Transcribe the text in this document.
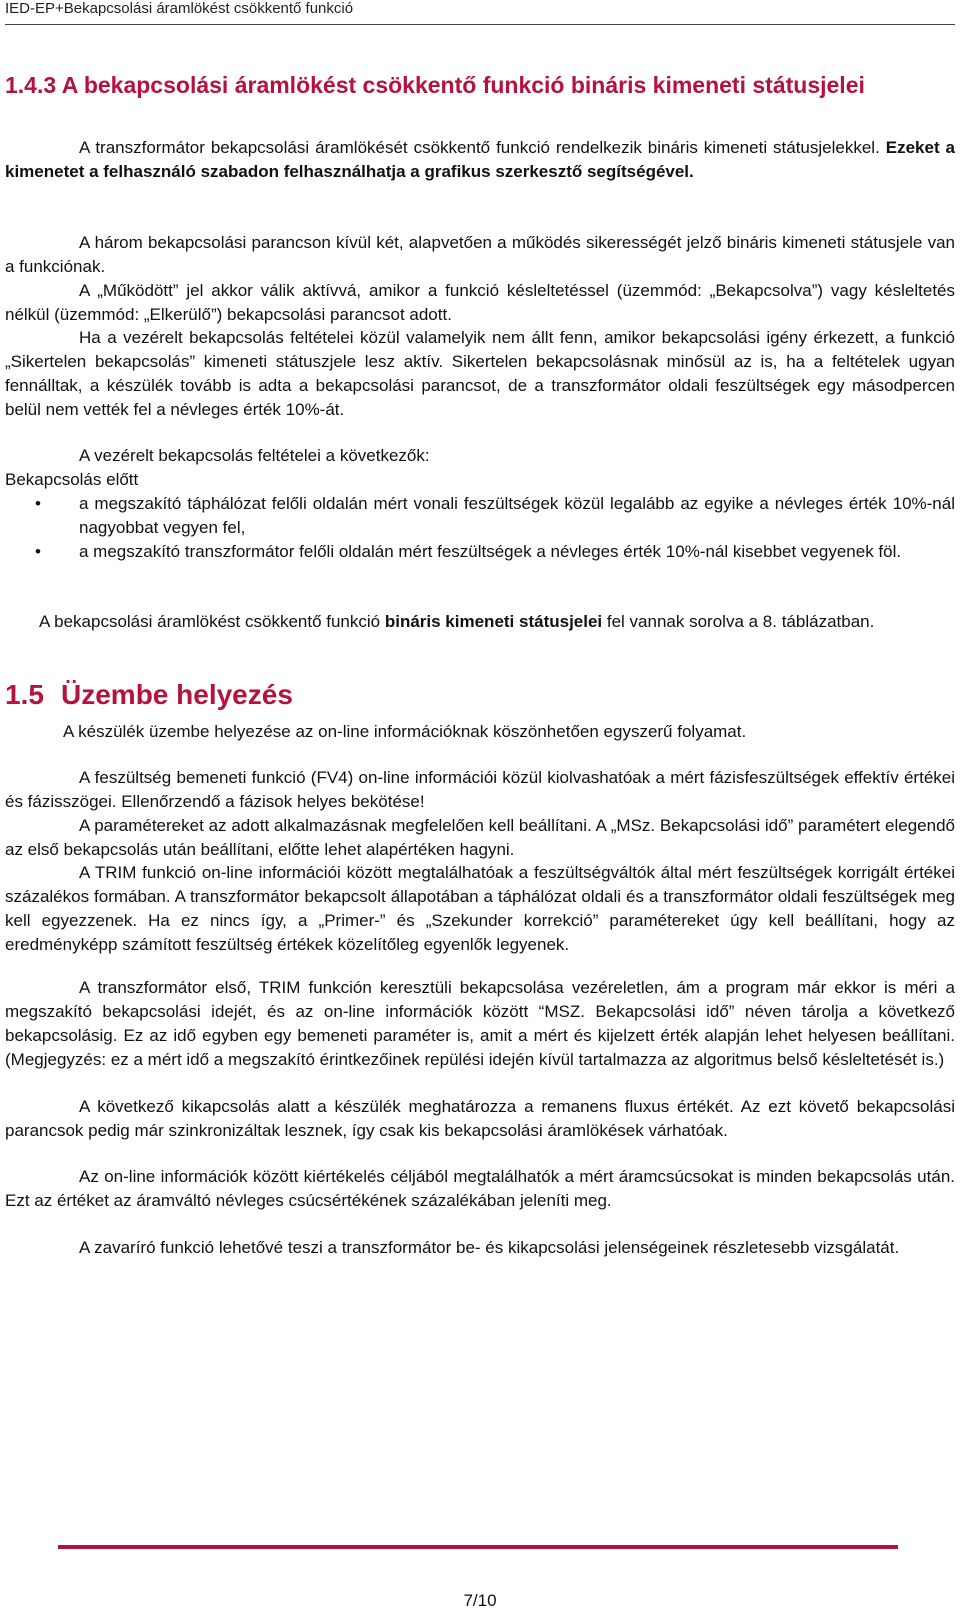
IED-EP+Bekapcsolási áramlökést csökkentő funkció
1.4.3 A bekapcsolási áramlökést csökkentő funkció bináris kimeneti státusjelei

A transzformátor bekapcsolási áramlökését csökkentő funkció rendelkezik bináris kimeneti státusjelekkel. Ezeket a kimenetet a felhasználó szabadon felhasználhatja a grafikus szerkesztő segítségével.

A három bekapcsolási parancson kívül két, alapvetően a működés sikerességét jelző bináris kimeneti státusjele van a funkciónak.

A „Működött” jel akkor válik aktívvá, amikor a funkció késleltetéssel (üzemmód: „Bekapcsolva”) vagy késleltetés nélkül (üzemmód: „Elkerülő”) bekapcsolási parancsot adott.

Ha a vezérelt bekapcsolás feltételei közül valamelyik nem állt fenn, amikor bekapcsolási igény érkezett, a funkció „Sikertelen bekapcsolás” kimeneti státuszjele lesz aktív. Sikertelen bekapcsolásnak minősül az is, ha a feltételek ugyan fennálltak, a készülék tovább is adta a bekapcsolási parancsot, de a transzformátor oldali feszültségek egy másodpercen belül nem vették fel a névleges érték 10%-át.

A vezérelt bekapcsolás feltételei a következők:

Bekapcsolás előtt

• a megszakító táphálózat felőli oldalán mért vonali feszültségek közül legalább az egyike a névleges érték 10%-nál nagyobbat vegyen fel,
• a megszakító transzformátor felőli oldalán mért feszültségek a névleges érték 10%-nál kisebbet vegyenek föl.

A bekapcsolási áramlökést csökkentő funkció bináris kimeneti státusjelei fel vannak sorolva a 8. táblázatban.

1.5 Üzembe helyezés

A készülék üzembe helyezése az on-line információknak köszönhetően egyszerű folyamat.

A feszültség bemeneti funkció (FV4) on-line információi közül kiolvashatóak a mért fázisfeszültségek effektív értékei és fázisszögei. Ellenőrzendő a fázisok helyes bekötése!

A paramétereket az adott alkalmazásnak megfelelően kell beállítani. A „MSz. Bekapcsolási idő” paramétert elegendő az első bekapcsolás után beállítani, előtte lehet alapértéken hagyni.

A TRIM funkció on-line információi között megtalálhatóak a feszültségváltók által mért feszültségek korrigált értékei százalékos formában. A transzformátor bekapcsolt állapotában a táphálózat oldali és a transzformátor oldali feszültségek meg kell egyezzenek. Ha ez nincs így, a „Primer-” és „Szekunder korrekció” paramétereket úgy kell beállítani, hogy az eredményképp számított feszültség értékek közelítőleg egyenlők legyenek.

A transzformátor első, TRIM funkción keresztüli bekapcsolása vezéreletlen, ám a program már ekkor is méri a megszakító bekapcsolási idejét, és az on-line információk között “MSZ. Bekapcsolási idő” néven tárolja a következő bekapcsolásig. Ez az idő egyben egy bemeneti paraméter is, amit a mért és kijelzett érték alapján lehet helyesen beállítani. (Megjegyzés: ez a mért idő a megszakító érintkezőinek repülési idején kívül tartalmazza az algoritmus belső késleltetését is.)

A következő kikapcsolás alatt a készülék meghatározza a remanens fluxus értékét. Az ezt követő bekapcsolási parancsok pedig már szinkronizáltak lesznek, így csak kis bekapcsolási áramlökések várhatóak.

Az on-line információk között kiértékelés céljából megtalálhatók a mért áramcsúcsokat is minden bekapcsolás után. Ezt az értéket az áramváltó névleges csúcsértékének százalékában jeleníti meg.

A zavaríró funkció lehetővé teszi a transzformátor be- és kikapcsolási jelenségeinek részletesebb vizsgálatát.

7/10
